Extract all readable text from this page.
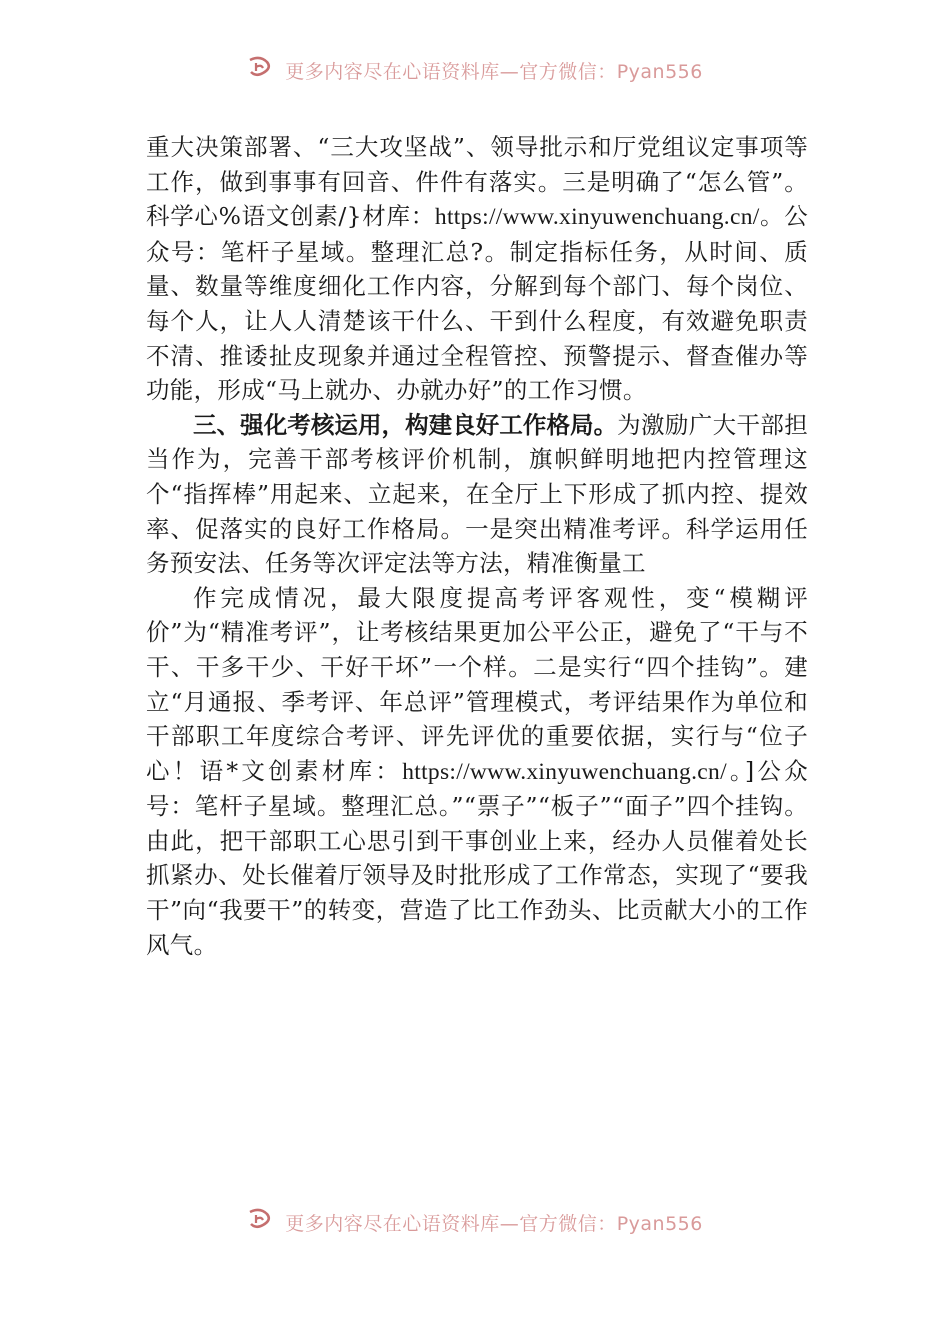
更多内容尽在心语资料库—官方微信：Pyan556

重大决策部署、“三大攻坚战”、领导批示和厅党组议定事项等工作，做到事事有回音、件件有落实。三是明确了“怎么管”。科学心%语文创素/}材库：https://www.xinyuwenchuang.cn/。公众号：笔杆子星域。整理汇总?。制定指标任务，从时间、质量、数量等维度细化工作内容，分解到每个部门、每个岗位、每个人，让人人清楚该干什么、干到什么程度，有效避免职责不清、推诿扯皮现象并通过全程管控、预警提示、督查催办等功能，形成“马上就办、办就办好”的工作习惯。

三、强化考核运用，构建良好工作格局。为激励广大干部担当作为，完善干部考核评价机制，旗帜鲜明地把内控管理这个“指挥棒”用起来、立起来，在全厅上下形成了抓内控、提效率、促落实的良好工作格局。一是突出精准考评。科学运用任务预安法、任务等次评定法等方法，精准衡量工

作完成情况，最大限度提高考评客观性，变“模糊评价”为“精准考评”，让考核结果更加公平公正，避免了“干与不干、干多干少、干好干坏”一个样。二是实行“四个挂钩”。建立“月通报、季考评、年总评”管理模式，考评结果作为单位和干部职工年度综合考评、评先评优的重要依据，实行与“位子心！语*文创素材库：https://www.xinyuwenchuang.cn/。]公众号：笔杆子星域。整理汇总。”“票子”“板子”“面子”四个挂钩。由此，把干部职工心思引到干事创业上来，经办人员催着处长抓紧办、处长催着厅领导及时批形成了工作常态，实现了“要我干”向“我要干”的转变，营造了比工作劲头、比贡献大小的工作风气。

更多内容尽在心语资料库—官方微信：Pyan556
